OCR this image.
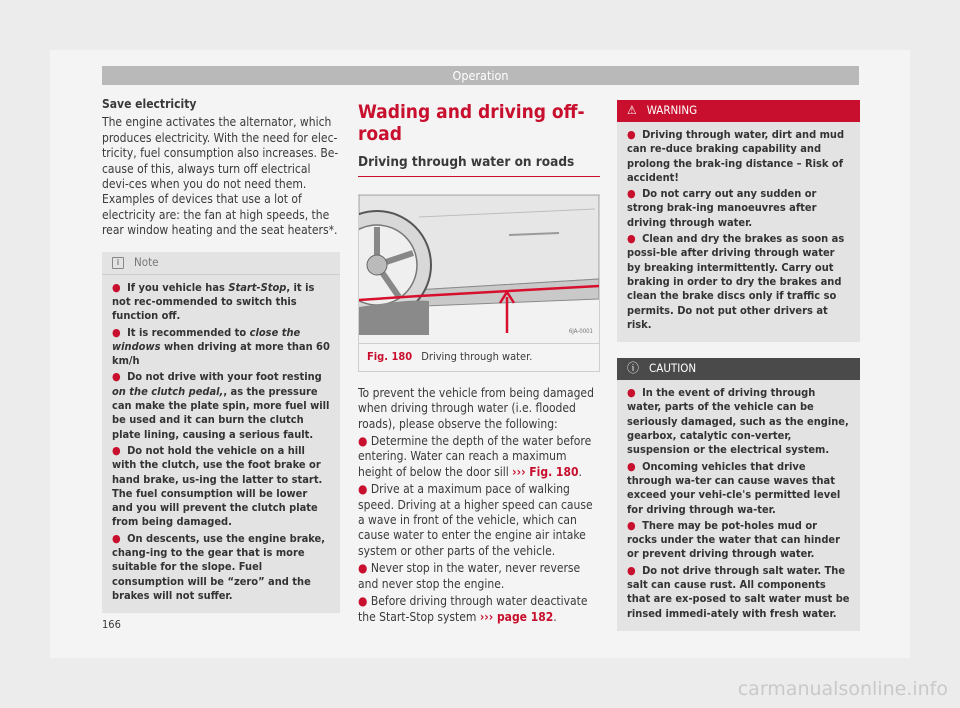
Operation

Save electricity

The engine activates the alternator, which produces electricity. With the need for elec-tricity, fuel consumption also increases. Be-cause of this, always turn off electrical devi-ces when you do not need them. Examples of devices that use a lot of electricity are: the fan at high speeds, the rear window heating and the seat heaters*.

i	Note

● If you vehicle has Start-Stop, it is not rec-ommended to switch this function off.

● It is recommended to close the windows when driving at more than 60 km/h

● Do not drive with your foot resting on the clutch pedal,, as the pressure can make the plate spin, more fuel will be used and it can burn the clutch plate lining, causing a serious fault.

● Do not hold the vehicle on a hill with the clutch, use the foot brake or hand brake, us-ing the latter to start. The fuel consumption will be lower and you will prevent the clutch plate from being damaged.

● On descents, use the engine brake, chang-ing to the gear that is more suitable for the slope. Fuel consumption will be “zero” and the brakes will not suffer.

Wading and driving off-road
Driving through water on roads
6JA-0001
Fig. 180 Driving through water.

To prevent the vehicle from being damaged when driving through water (i.e. flooded roads), please observe the following:

● Determine the depth of the water before entering. Water can reach a maximum height of below the door sill ››› Fig. 180.

● Drive at a maximum pace of walking speed. Driving at a higher speed can cause a wave in front of the vehicle, which can cause water to enter the engine air intake system or other parts of the vehicle.

● Never stop in the water, never reverse and never stop the engine.

● Before driving through water deactivate the Start-Stop system ››› page 182.

⚠ WARNING

● Driving through water, dirt and mud can re-duce braking capability and prolong the brak-ing distance – Risk of accident!

● Do not carry out any sudden or strong brak-ing manoeuvres after driving through water.

● Clean and dry the brakes as soon as possi-ble after driving through water by breaking intermittently. Carry out braking in order to dry the brakes and clean the brake discs only if traffic so permits. Do not put other drivers at risk.

ⓘ CAUTION

● In the event of driving through water, parts of the vehicle can be seriously damaged, such as the engine, gearbox, catalytic con-verter, suspension or the electrical system.

● Oncoming vehicles that drive through wa-ter can cause waves that exceed your vehi-cle's permitted level for driving through wa-ter.

● There may be pot-holes mud or rocks under the water that can hinder or prevent driving through water.

● Do not drive through salt water. The salt can cause rust. All components that are ex-posed to salt water must be rinsed immedi-ately with fresh water.

166
carmanualsonline.info
